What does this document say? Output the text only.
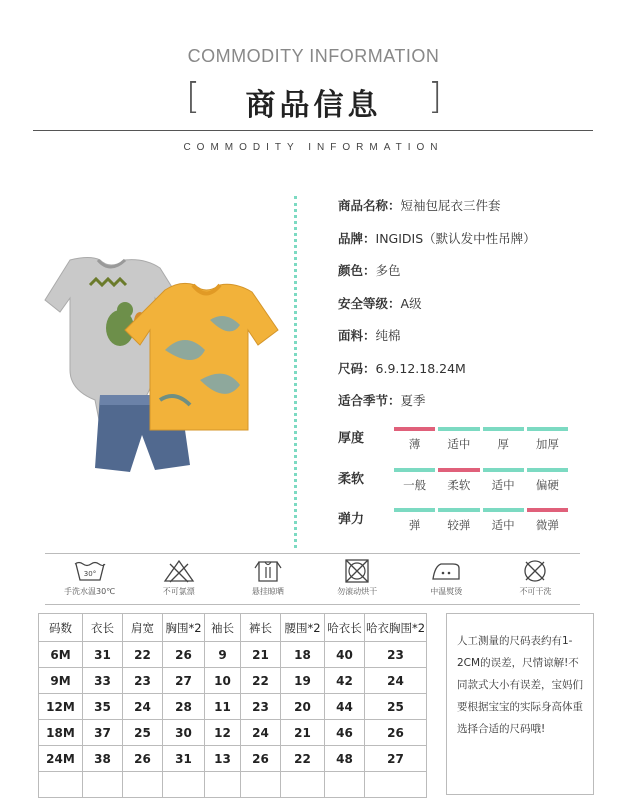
COMMODITY INFORMATION
[	商品信息	]
COMMODITY INFORMATION
商品名称：短袖包屁衣三件套
品牌：INGIDIS（默认发中性吊牌）
颜色：多色
安全等级：A级
面料：纯棉
尺码：6.9.12.18.24M
适合季节：夏季
厚度	薄	适中	厚	加厚
柔软	一般	柔软	适中	偏硬
弹力	弹	较弹	适中	微弹
30°
手洗水温30℃	不可氯漂	悬挂晾晒	勿滚动烘干	中温熨烫	不可干洗
码数	衣长	肩宽	胸围*2	袖长	裤长	腰围*2	哈衣长	哈衣胸围*2
6M	31	22	26	9	21	18	40	23
9M	33	23	27	10	22	19	42	24
12M	35	24	28	11	23	20	44	25
18M	37	25	30	12	24	21	46	26
24M	38	26	31	13	26	22	48	27

人工测量的尺码表约有1-2CM的误差，尺情谅解!不同款式大小有误差，宝妈们要根据宝宝的实际身高体重选择合适的尺码哦!
